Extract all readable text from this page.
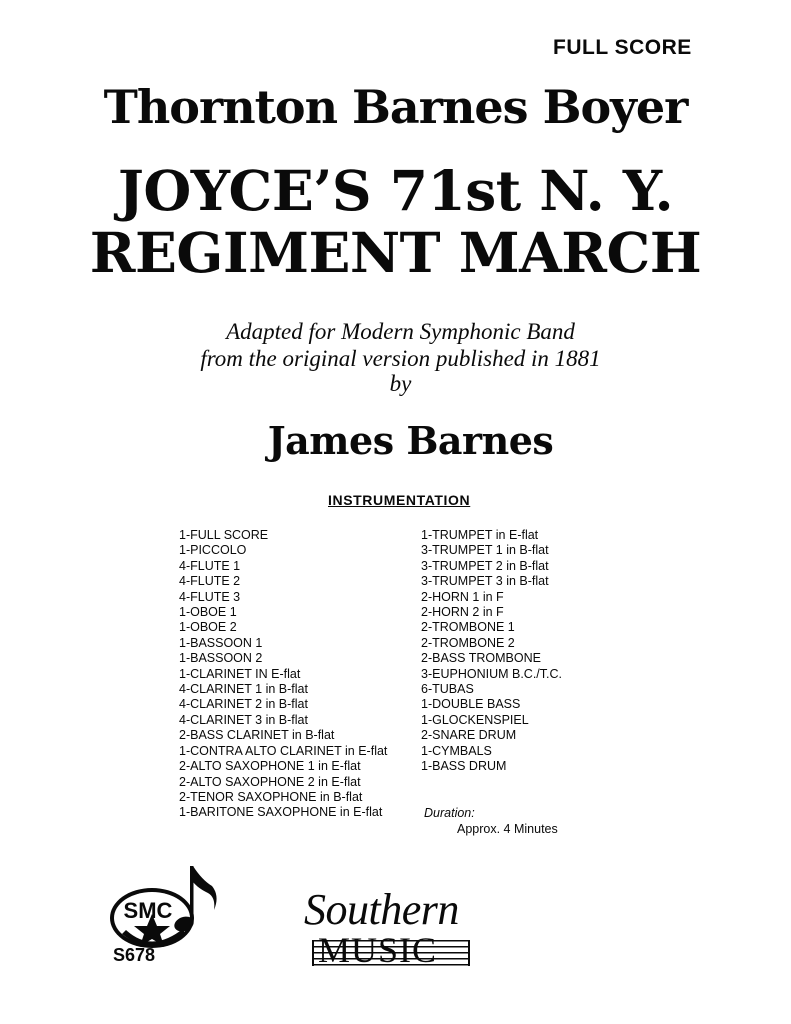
FULL SCORE
Thornton Barnes Boyer
JOYCE’S 71st N. Y.
REGIMENT MARCH
Adapted for Modern Symphonic Band
from the original version published in 1881
by
James Barnes
INSTRUMENTATION
1-FULL SCORE
1-PICCOLO
4-FLUTE 1
4-FLUTE 2
4-FLUTE 3
1-OBOE 1
1-OBOE 2
1-BASSOON 1
1-BASSOON 2
1-CLARINET IN E-flat
4-CLARINET 1 in B-flat
4-CLARINET 2 in B-flat
4-CLARINET 3 in B-flat
2-BASS CLARINET in B-flat
1-CONTRA ALTO CLARINET in E-flat
2-ALTO SAXOPHONE 1 in E-flat
2-ALTO SAXOPHONE 2 in E-flat
2-TENOR SAXOPHONE in B-flat
1-BARITONE SAXOPHONE in E-flat
1-TRUMPET in E-flat
3-TRUMPET 1 in B-flat
3-TRUMPET 2 in B-flat
3-TRUMPET 3 in B-flat
2-HORN 1 in F
2-HORN 2 in F
2-TROMBONE 1
2-TROMBONE 2
2-BASS TROMBONE
3-EUPHONIUM B.C./T.C.
6-TUBAS
1-DOUBLE BASS
1-GLOCKENSPIEL
2-SNARE DRUM
1-CYMBALS
1-BASS DRUM
Duration:
Approx. 4 Minutes
SMC
S678
Southern
MUSIC
